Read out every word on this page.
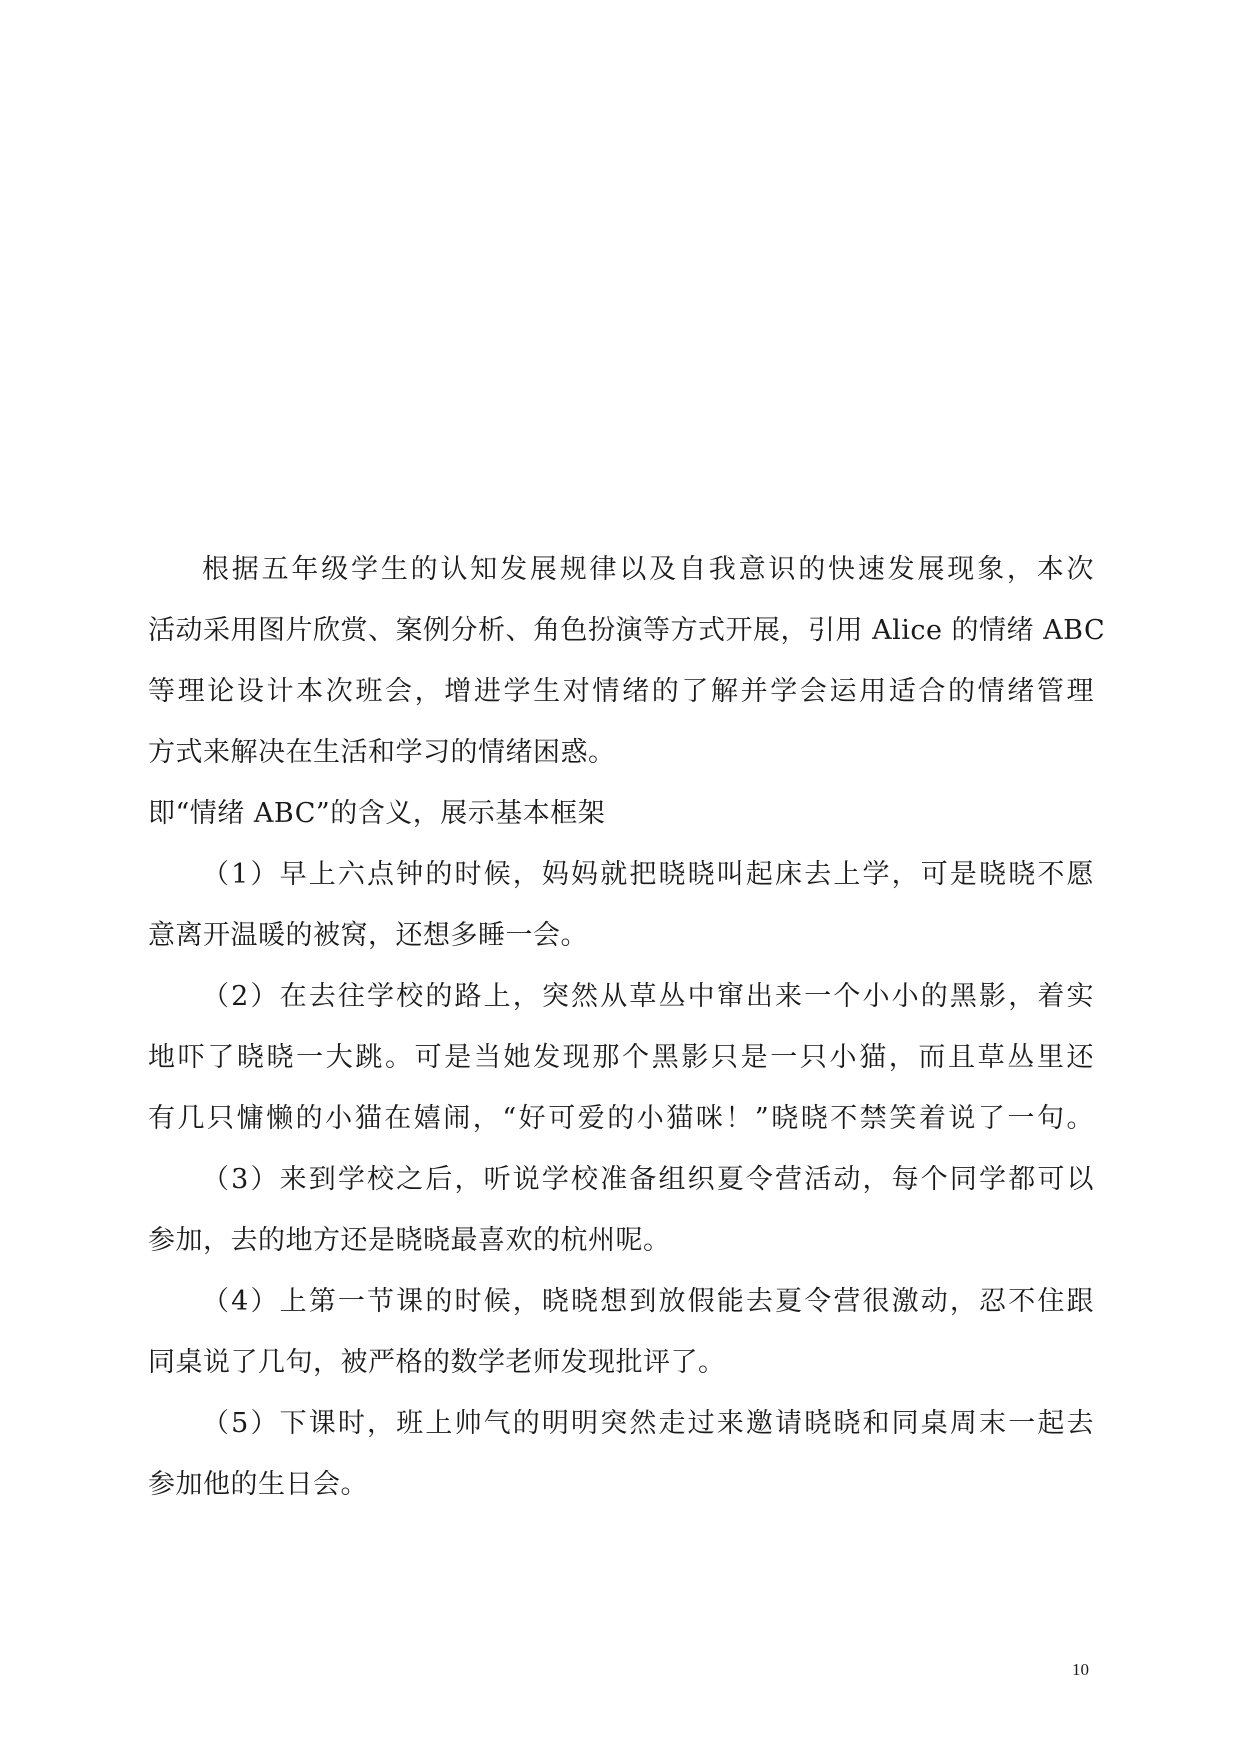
根据五年级学生的认知发展规律以及自我意识的快速发展现象，本次
活动采用图片欣赏、案例分析、角色扮演等方式开展，引用 Alice 的情绪 ABC
等理论设计本次班会，增进学生对情绪的了解并学会运用适合的情绪管理
方式来解决在生活和学习的情绪困惑。
即“情绪 ABC”的含义，展示基本框架
（1）早上六点钟的时候，妈妈就把晓晓叫起床去上学，可是晓晓不愿
意离开温暖的被窝，还想多睡一会。
（2）在去往学校的路上，突然从草丛中窜出来一个小小的黑影，着实
地吓了晓晓一大跳。可是当她发现那个黑影只是一只小猫，而且草丛里还
有几只慵懒的小猫在嬉闹，“好可爱的小猫咪！”晓晓不禁笑着说了一句。
（3）来到学校之后，听说学校准备组织夏令营活动，每个同学都可以
参加，去的地方还是晓晓最喜欢的杭州呢。
（4）上第一节课的时候，晓晓想到放假能去夏令营很激动，忍不住跟
同桌说了几句，被严格的数学老师发现批评了。
（5）下课时，班上帅气的明明突然走过来邀请晓晓和同桌周末一起去
参加他的生日会。
10
